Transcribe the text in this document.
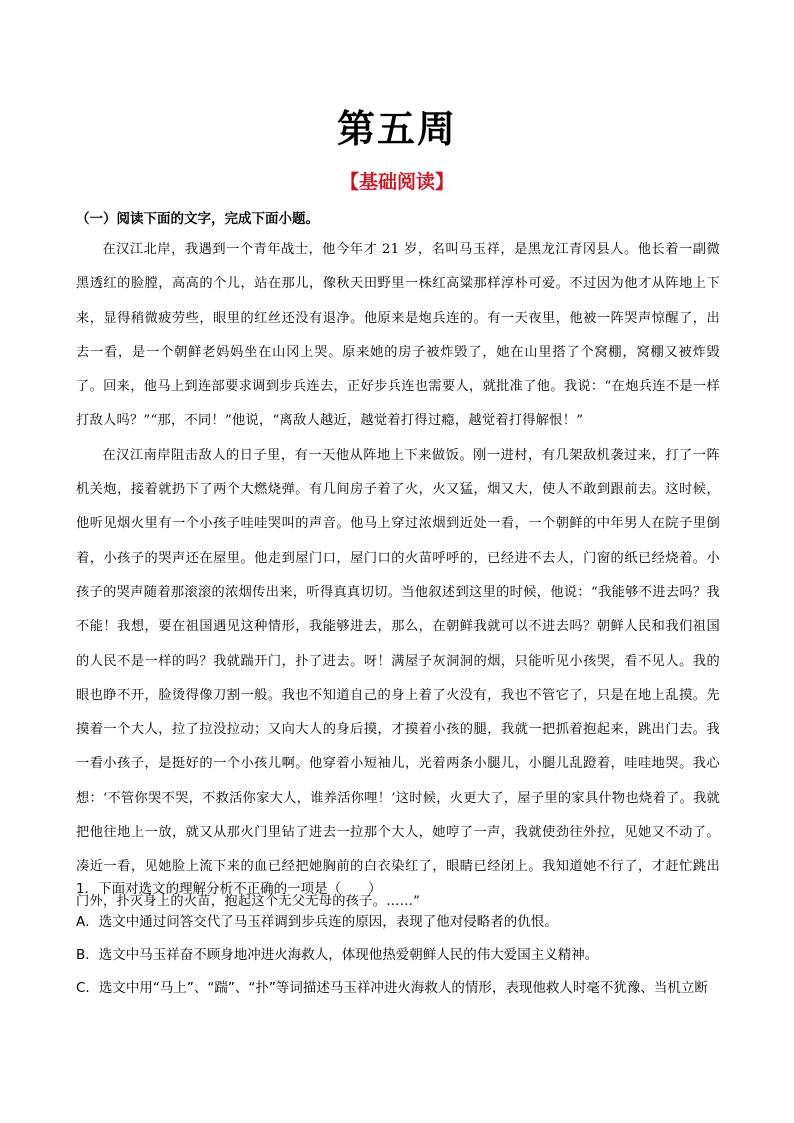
第五周
【基础阅读】
（一）阅读下面的文字，完成下面小题。

在汉江北岸，我遇到一个青年战士，他今年才 21 岁，名叫马玉祥，是黑龙江青冈县人。他长着一副微黑透红的脸膛，高高的个儿，站在那儿，像秋天田野里一株红高粱那样淳朴可爱。不过因为他才从阵地上下来，显得稍微疲劳些，眼里的红丝还没有退净。他原来是炮兵连的。有一天夜里，他被一阵哭声惊醒了，出去一看，是一个朝鲜老妈妈坐在山冈上哭。原来她的房子被炸毁了，她在山里搭了个窝棚，窝棚又被炸毁了。回来，他马上到连部要求调到步兵连去，正好步兵连也需要人，就批准了他。我说：“在炮兵连不是一样打敌人吗？”“那，不同！”他说，“离敌人越近，越觉着打得过瘾，越觉着打得解恨！”

在汉江南岸阻击敌人的日子里，有一天他从阵地上下来做饭。刚一进村，有几架敌机袭过来，打了一阵机关炮，接着就扔下了两个大燃烧弹。有几间房子着了火，火又猛，烟又大，使人不敢到跟前去。这时候，他听见烟火里有一个小孩子哇哇哭叫的声音。他马上穿过浓烟到近处一看，一个朝鲜的中年男人在院子里倒着，小孩子的哭声还在屋里。他走到屋门口，屋门口的火苗呼呼的，已经进不去人，门窗的纸已经烧着。小孩子的哭声随着那滚滚的浓烟传出来，听得真真切切。当他叙述到这里的时候，他说：“我能够不进去吗？我不能！我想，要在祖国遇见这种情形，我能够进去，那么，在朝鲜我就可以不进去吗？朝鲜人民和我们祖国的人民不是一样的吗？我就踹开门，扑了进去。呀！满屋子灰洞洞的烟，只能听见小孩哭，看不见人。我的眼也睁不开，脸烫得像刀割一般。我也不知道自己的身上着了火没有，我也不管它了，只是在地上乱摸。先摸着一个大人，拉了拉没拉动；又向大人的身后摸，才摸着小孩的腿，我就一把抓着抱起来，跳出门去。我一看小孩子，是挺好的一个小孩儿啊。他穿着小短袖儿，光着两条小腿儿，小腿儿乱蹬着，哇哇地哭。我心想：‘不管你哭不哭，不救活你家大人，谁养活你哩！’这时候，火更大了，屋子里的家具什物也烧着了。我就把他往地上一放，就又从那火门里钻了进去一拉那个大人，她哼了一声，我就使劲往外拉，见她又不动了。凑近一看，见她脸上流下来的血已经把她胸前的白衣染红了，眼睛已经闭上。我知道她不行了，才赶忙跳出门外，扑灭身上的火苗，抱起这个无父无母的孩子。……”

1．下面对选文的理解分析不正确的一项是（　　）
A．选文中通过问答交代了马玉祥调到步兵连的原因，表现了他对侵略者的仇恨。
B．选文中马玉祥奋不顾身地冲进火海救人，体现他热爱朝鲜人民的伟大爱国主义精神。
C．选文中用“马上”、“踹”、“扑”等词描述马玉祥冲进火海救人的情形，表现他救人时毫不犹豫、当机立断
